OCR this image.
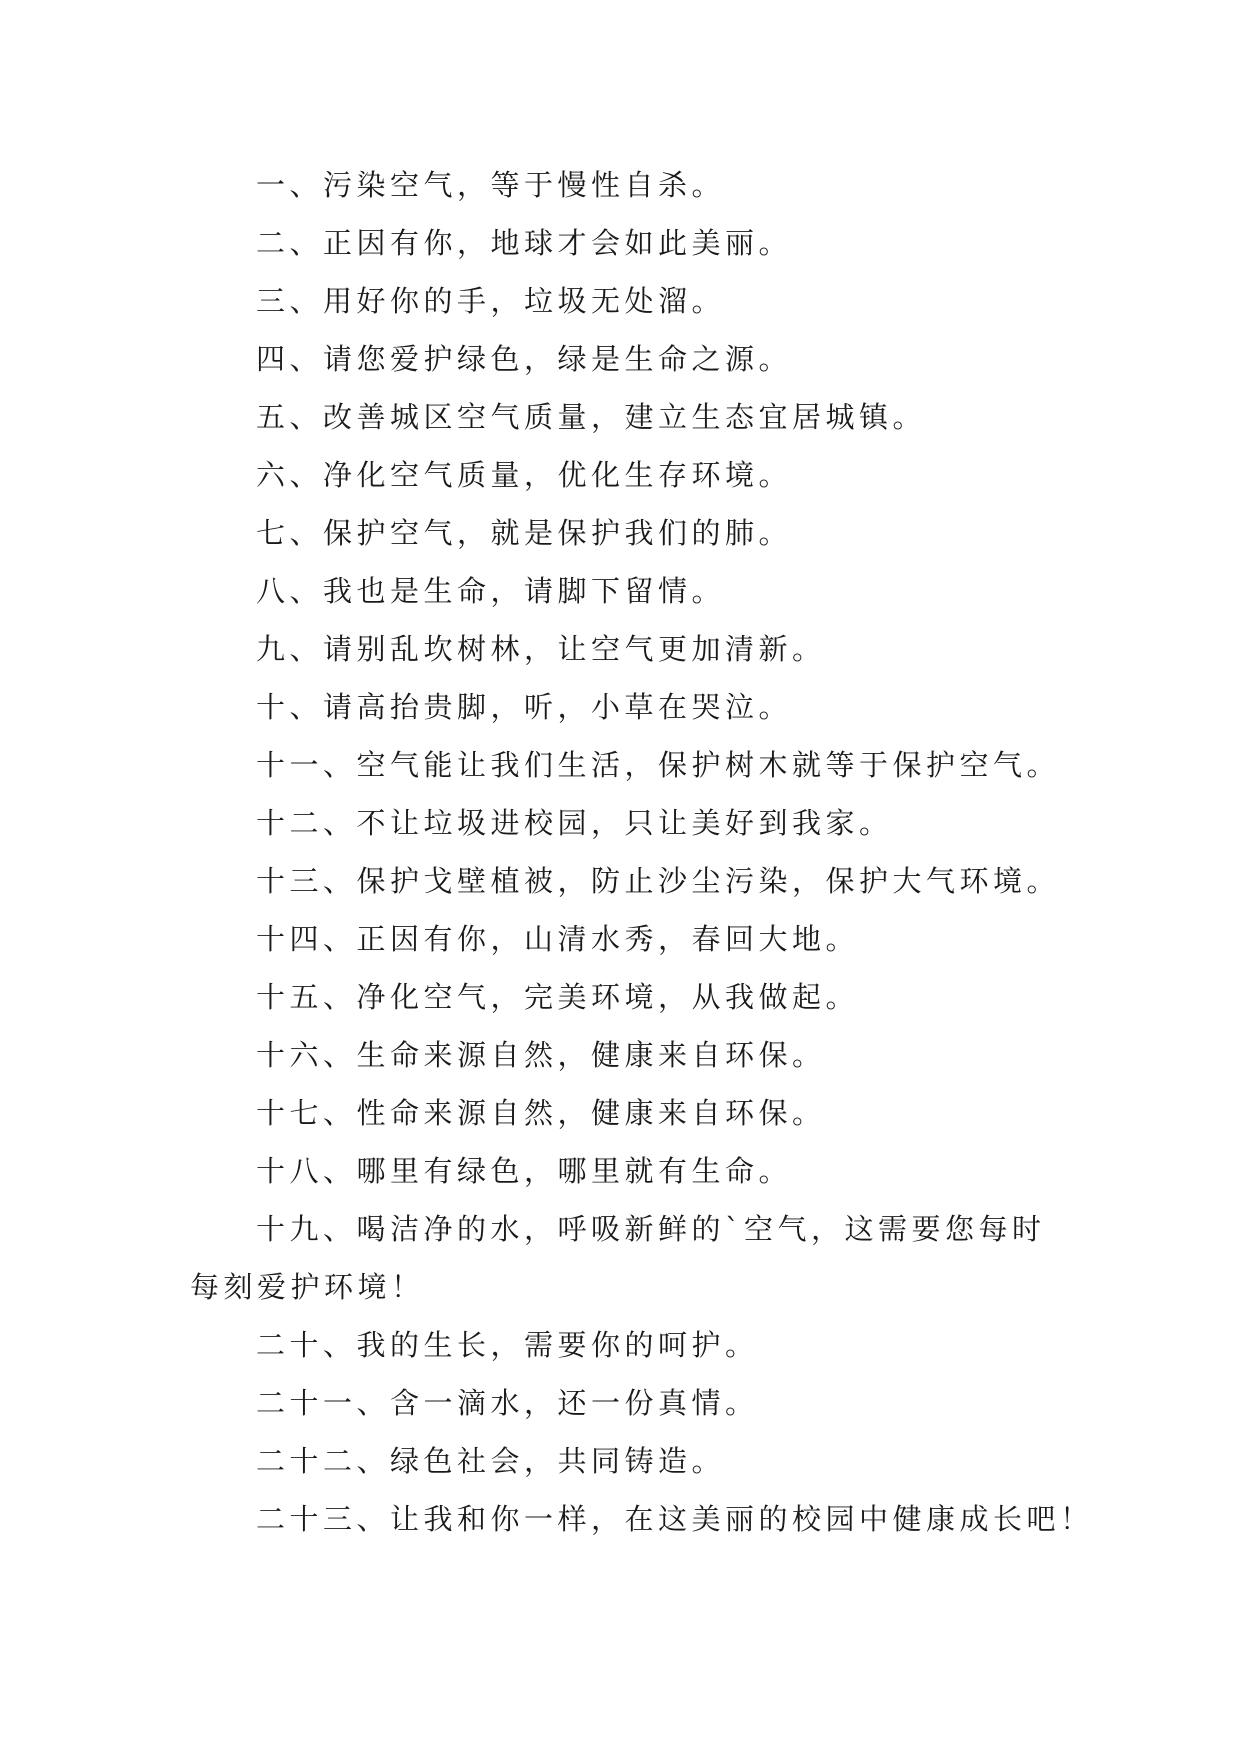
一、污染空气，等于慢性自杀。

二、正因有你，地球才会如此美丽。

三、用好你的手，垃圾无处溜。

四、请您爱护绿色，绿是生命之源。

五、改善城区空气质量，建立生态宜居城镇。

六、净化空气质量，优化生存环境。

七、保护空气，就是保护我们的肺。

八、我也是生命，请脚下留情。

九、请别乱坎树林，让空气更加清新。

十、请高抬贵脚，听，小草在哭泣。

十一、空气能让我们生活，保护树木就等于保护空气。

十二、不让垃圾进校园，只让美好到我家。

十三、保护戈壁植被，防止沙尘污染，保护大气环境。

十四、正因有你，山清水秀，春回大地。

十五、净化空气，完美环境，从我做起。

十六、生命来源自然，健康来自环保。

十七、性命来源自然，健康来自环保。

十八、哪里有绿色，哪里就有生命。

十九、喝洁净的水，呼吸新鲜的`空气，这需要您每时每刻爱护环境！

二十、我的生长，需要你的呵护。

二十一、含一滴水，还一份真情。

二十二、绿色社会，共同铸造。

二十三、让我和你一样，在这美丽的校园中健康成长吧！
